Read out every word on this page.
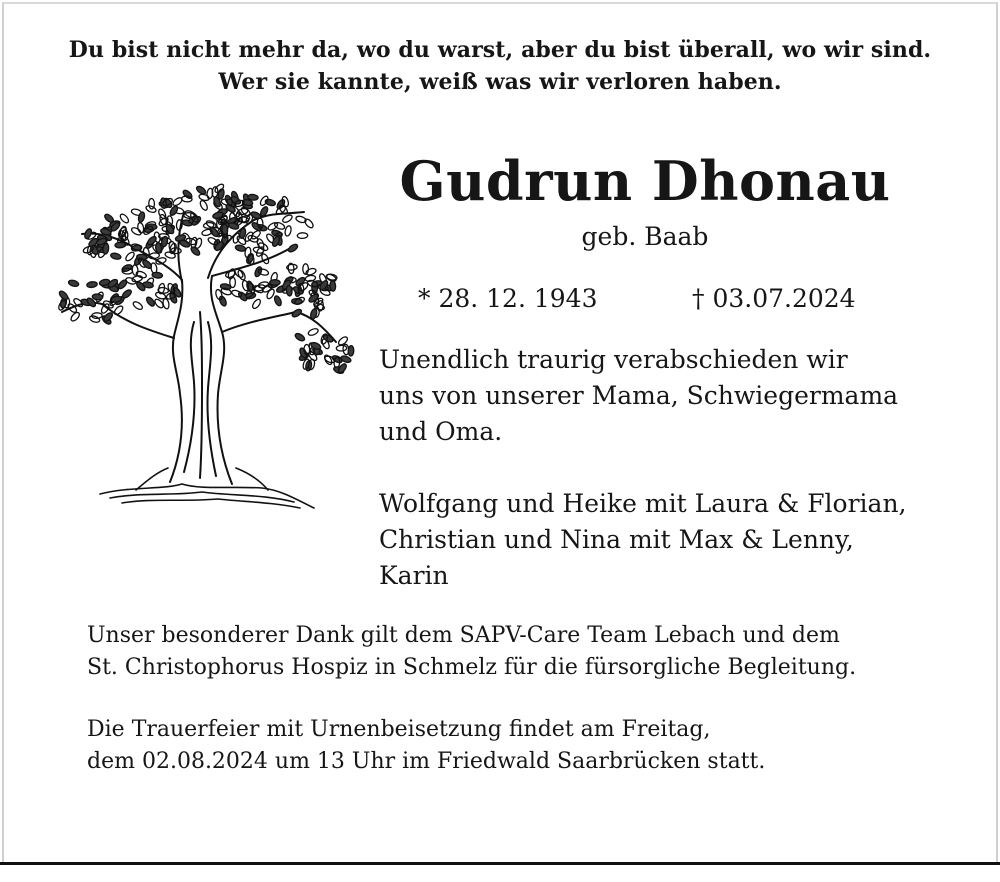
Du bist nicht mehr da, wo du warst, aber du bist überall, wo wir sind.
Wer sie kannte, weiß was wir verloren haben.
Gudrun Dhonau
geb. Baab
* 28. 12. 1943	† 03.07.2024
Unendlich traurig verabschieden wir
uns von unserer Mama, Schwiegermama
und Oma.
Wolfgang und Heike mit Laura & Florian,
Christian und Nina mit Max & Lenny,
Karin
Unser besonderer Dank gilt dem SAPV-Care Team Lebach und dem
St. Christophorus Hospiz in Schmelz für die fürsorgliche Begleitung.
Die Trauerfeier mit Urnenbeisetzung findet am Freitag,
dem 02.08.2024 um 13 Uhr im Friedwald Saarbrücken statt.
